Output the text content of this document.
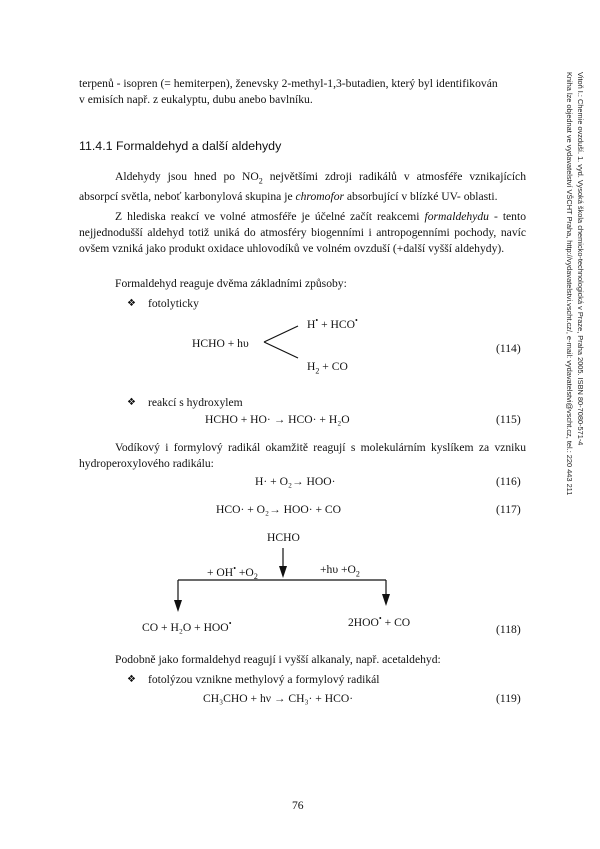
Vitoň I.: Chemie ovzduší. 1. vyd. Vysoká škola chemicko-technologická v Praze, Praha 2005. ISBN 80-7080-571-4
Kniha lze objednat ve vydavatelství VŠCHT Praha, http://vydavatelstvi.vscht.cz/, e-mail: vydavatelstvi@vscht.cz, tel.: 220 443 211

terpenů - isopren (= hemiterpen), ženevsky 2-methyl-1,3-butadien, který byl identifikován

v emisích např. z eukalyptu, dubu anebo bavlníku.

11.4.1 Formaldehyd a další aldehydy

Aldehydy jsou hned po $NO_2$ největšími zdroji radikálů v atmosféře vznikajících absorpcí světla, neboť karbonylová skupina je chromofor absorbující v blízké UV- oblasti.

Z hlediska reakcí ve volné atmosféře je účelné začít reakcemi formaldehydu - tento nejjednodušší aldehyd totiž uniká do atmosféry biogenními i antropogenními pochody, navíc ovšem vzniká jako produkt oxidace uhlovodíků ve volném ovzduší (+další vyšší aldehydy).

Formaldehyd reaguje dvěma základními způsoby:

❖ fotolyticky
HCHO + hυ
H• + HCO•
$H_2$ + CO
(114)
❖ reakcí s hydroxylem
HCHO + HO· → HCO· + H₂O	(115)

Vodíkový i formylový radikál okamžitě reagují s molekulárním kyslíkem za vzniku hydroperoxylového radikálu:

H· + O₂→ HOO·	(116)
HCO· + O₂→ HOO· + CO	(117)
HCHO
+ $OH^• +O_2$
$+h\upsilon +O_2$
CO + H₂O + HOO•	2HOO• + CO
(118)

Podobně jako formaldehyd reagují i vyšší alkanaly, např. acetaldehyd:

❖ fotolýzou vznikne methylový a formylový radikál
CH₃CHO + hν → CH₃· + HCO·	(119)
76
